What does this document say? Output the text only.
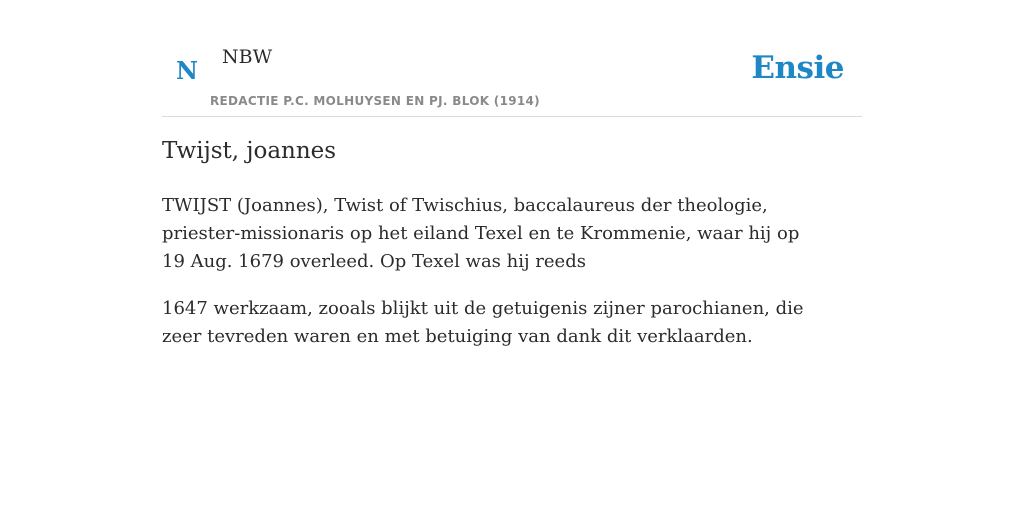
N NBW
REDACTIE P.C. MOLHUYSEN EN PJ. BLOK (1914)
Ensie
Twijst, joannes

TWIJST (Joannes), Twist of Twischius, baccalaureus der theologie, priester-missionaris op het eiland Texel en te Krommenie, waar hij op 19 Aug. 1679 overleed. Op Texel was hij reeds

1647 werkzaam, zooals blijkt uit de getuigenis zijner parochianen, die zeer tevreden waren en met betuiging van dank dit verklaarden.
